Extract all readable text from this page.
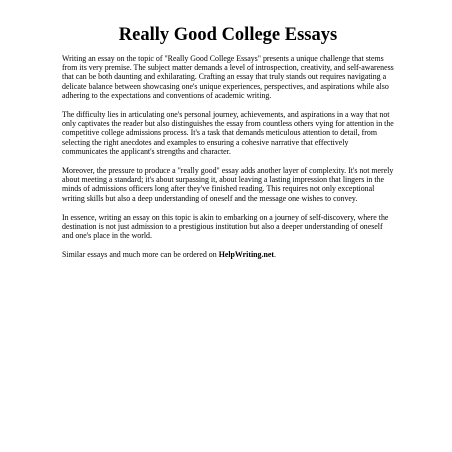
Really Good College Essays

Writing an essay on the topic of "Really Good College Essays" presents a unique challenge that stems from its very premise. The subject matter demands a level of introspection, creativity, and self-awareness that can be both daunting and exhilarating. Crafting an essay that truly stands out requires navigating a delicate balance between showcasing one's unique experiences, perspectives, and aspirations while also adhering to the expectations and conventions of academic writing.

The difficulty lies in articulating one's personal journey, achievements, and aspirations in a way that not only captivates the reader but also distinguishes the essay from countless others vying for attention in the competitive college admissions process. It's a task that demands meticulous attention to detail, from selecting the right anecdotes and examples to ensuring a cohesive narrative that effectively communicates the applicant's strengths and character.

Moreover, the pressure to produce a "really good" essay adds another layer of complexity. It's not merely about meeting a standard; it's about surpassing it, about leaving a lasting impression that lingers in the minds of admissions officers long after they've finished reading. This requires not only exceptional writing skills but also a deep understanding of oneself and the message one wishes to convey.

In essence, writing an essay on this topic is akin to embarking on a journey of self-discovery, where the destination is not just admission to a prestigious institution but also a deeper understanding of oneself and one's place in the world.

Similar essays and much more can be ordered on HelpWriting.net.
